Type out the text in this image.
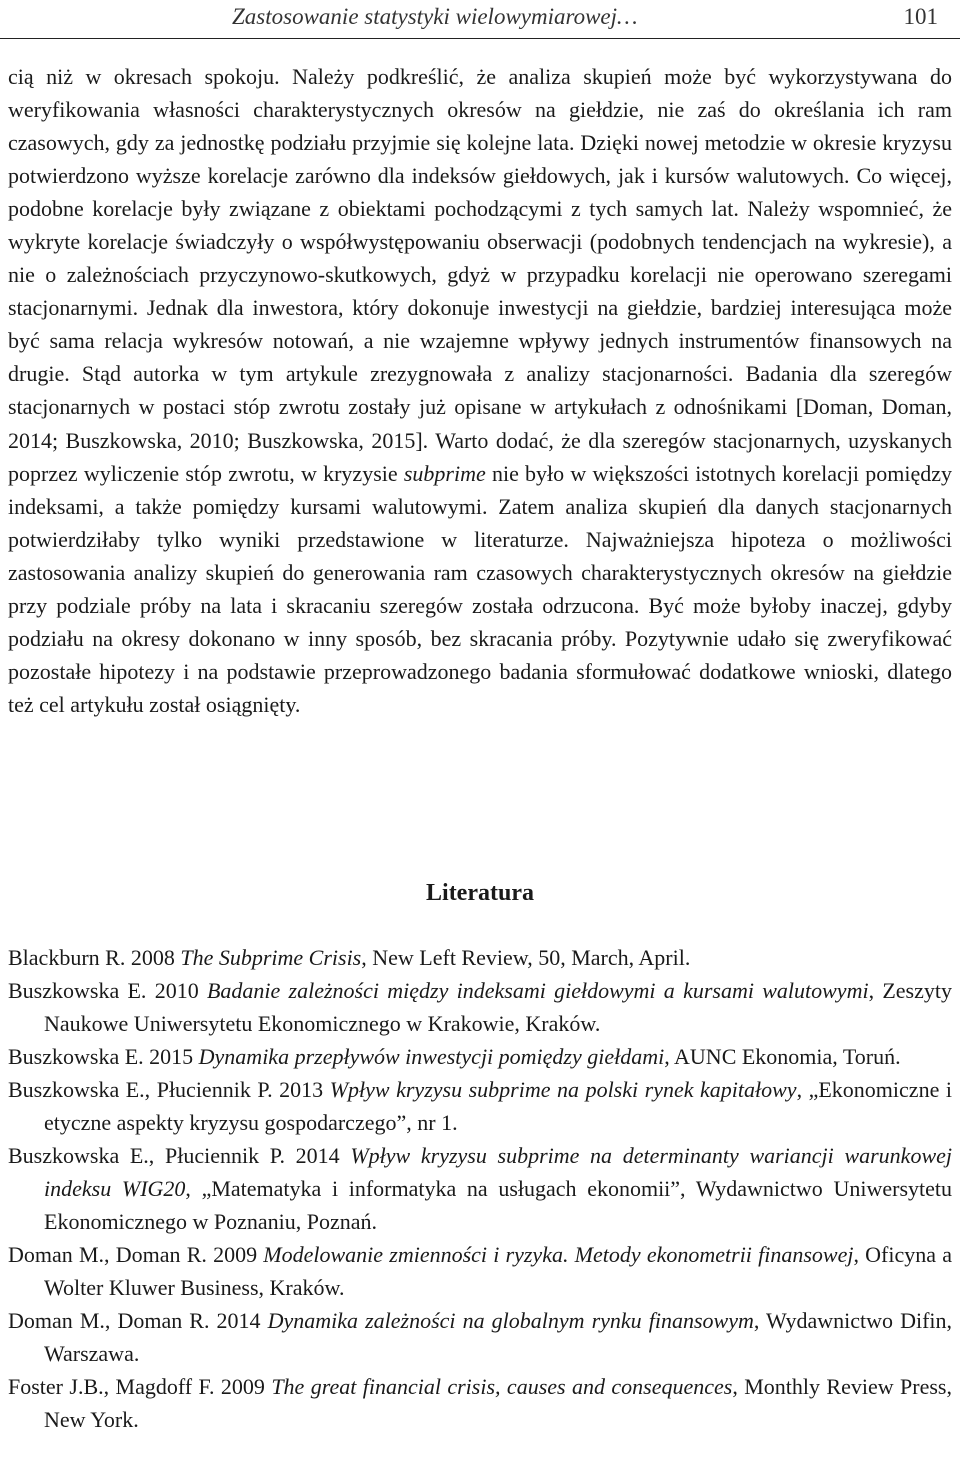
Zastosowanie statystyki wielowymiarowej…	101

cią niż w okresach spokoju. Należy podkreślić, że analiza skupień może być wykorzystywana do weryfikowania własności charakterystycznych okresów na giełdzie, nie zaś do określania ich ram czasowych, gdy za jednostkę podziału przyjmie się kolejne lata. Dzięki nowej metodzie w okresie kryzysu potwierdzono wyższe korelacje zarówno dla indeksów giełdowych, jak i kursów walutowych. Co więcej, podobne korelacje były związane z obiektami pochodzącymi z tych samych lat. Należy wspomnieć, że wykryte korelacje świadczyły o współwystępowaniu obserwacji (podobnych tendencjach na wykresie), a nie o zależnościach przyczynowo-skutkowych, gdyż w przypadku korelacji nie operowano szeregami stacjonarnymi. Jednak dla inwestora, który dokonuje inwestycji na giełdzie, bardziej interesująca może być sama relacja wykresów notowań, a nie wzajemne wpływy jednych instrumentów finansowych na drugie. Stąd autorka w tym artykule zrezygnowała z analizy stacjonarności. Badania dla szeregów stacjonarnych w postaci stóp zwrotu zostały już opisane w artykułach z odnośnikami [Doman, Doman, 2014; Buszkowska, 2010; Buszkowska, 2015]. Warto dodać, że dla szeregów stacjonarnych, uzyskanych poprzez wyliczenie stóp zwrotu, w kryzysie subprime nie było w większości istotnych korelacji pomiędzy indeksami, a także pomiędzy kursami walutowymi. Zatem analiza skupień dla danych stacjonarnych potwierdziłaby tylko wyniki przedstawione w literaturze. Najważniejsza hipoteza o możliwości zastosowania analizy skupień do generowania ram czasowych charakterystycznych okresów na giełdzie przy podziale próby na lata i skracaniu szeregów została odrzucona. Być może byłoby inaczej, gdyby podziału na okresy dokonano w inny sposób, bez skracania próby. Pozytywnie udało się zweryfikować pozostałe hipotezy i na podstawie przeprowadzonego badania sformułować dodatkowe wnioski, dlatego też cel artykułu został osiągnięty.

Literatura

Blackburn R. 2008 The Subprime Crisis, New Left Review, 50, March, April.

Buszkowska E. 2010 Badanie zależności między indeksami giełdowymi a kursami walutowymi, Zeszyty Naukowe Uniwersytetu Ekonomicznego w Krakowie, Kraków.

Buszkowska E. 2015 Dynamika przepływów inwestycji pomiędzy giełdami, AUNC Ekonomia, Toruń.

Buszkowska E., Płuciennik P. 2013 Wpływ kryzysu subprime na polski rynek kapitałowy, „Ekonomiczne i etyczne aspekty kryzysu gospodarczego”, nr 1.

Buszkowska E., Płuciennik P. 2014 Wpływ kryzysu subprime na determinanty wariancji warunkowej indeksu WIG20, „Matematyka i informatyka na usługach ekonomii”, Wydawnictwo Uniwersytetu Ekonomicznego w Poznaniu, Poznań.

Doman M., Doman R. 2009 Modelowanie zmienności i ryzyka. Metody ekonometrii finansowej, Oficyna a Wolter Kluwer Business, Kraków.

Doman M., Doman R. 2014 Dynamika zależności na globalnym rynku finansowym, Wydawnictwo Difin, Warszawa.

Foster J.B., Magdoff F. 2009 The great financial crisis, causes and consequences, Monthly Review Press, New York.
